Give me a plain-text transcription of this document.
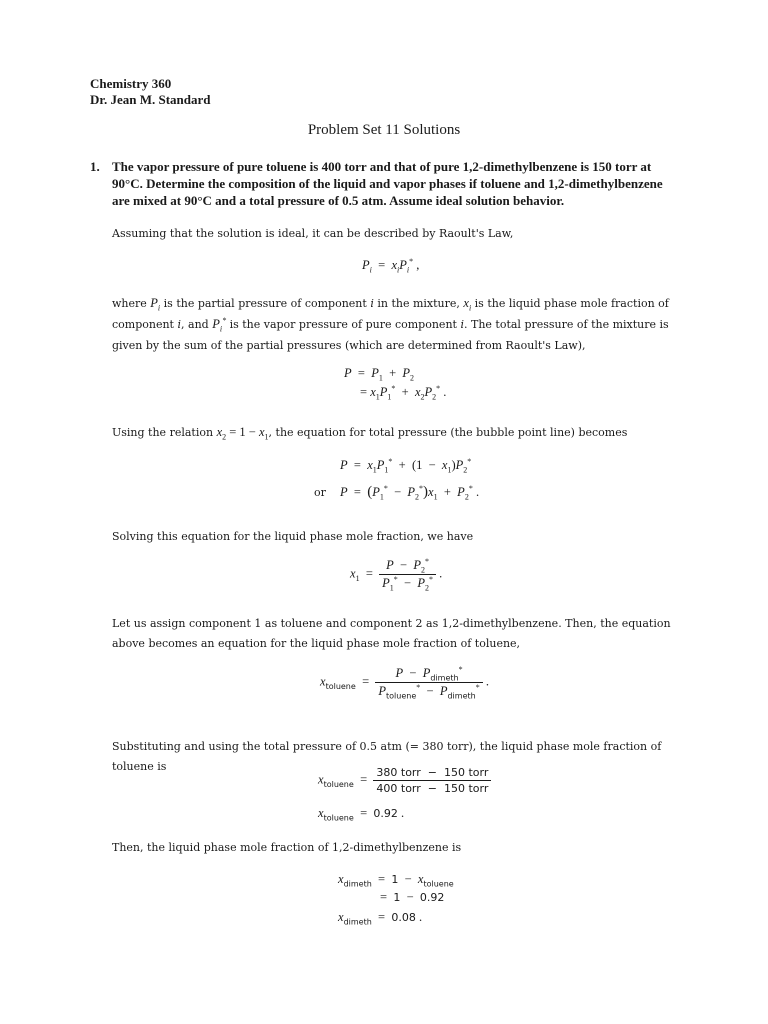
Chemistry 360
Dr. Jean M. Standard
Problem Set 11 Solutions
1. The vapor pressure of pure toluene is 400 torr and that of pure 1,2-dimethylbenzene is 150 torr at 90°C. Determine the composition of the liquid and vapor phases if toluene and 1,2-dimethylbenzene are mixed at 90°C and a total pressure of 0.5 atm. Assume ideal solution behavior.
Assuming that the solution is ideal, it can be described by Raoult's Law,
$P_i = x_iP_i^*$ ,
where $P_i$ is the partial pressure of component i in the mixture, $x_i$ is the liquid phase mole fraction of component i, and $P_i^*$ is the vapor pressure of pure component i. The total pressure of the mixture is given by the sum of the partial pressures (which are determined from Raoult's Law),
$P = P_1 + P_2$
= $x_1P_1^* + x_2P_2^*$ .
Using the relation $x_2 = 1 - x_1$, the equation for total pressure (the bubble point line) becomes
$P = x_1P_1^* + (1 - x_1)P_2^*$
or $P = (P_1^* - P_2^*)x_1 + P_2^*$ .
Solving this equation for the liquid phase mole fraction, we have
$x_1 = \frac{P - P_2^*}{P_1^* - P_2^*}$ .
Let us assign component 1 as toluene and component 2 as 1,2-dimethylbenzene. Then, the equation above becomes an equation for the liquid phase mole fraction of toluene,
$x_{toluene} = \frac{P - P_{dimeth}^*}{P_{toluene}^* - P_{dimeth}^*}$ .
Substituting and using the total pressure of 0.5 atm (= 380 torr), the liquid phase mole fraction of toluene is
$x_{toluene} = \frac{\text{380 torr  −  150 torr}}{\text{400 torr  −  150 torr}}$
$x_{toluene} = 0.92$ .
Then, the liquid phase mole fraction of 1,2-dimethylbenzene is
$x_{dimeth} = 1 - x_{toluene}$
=  1  −  0.92
$x_{dimeth} = 0.08$ .
